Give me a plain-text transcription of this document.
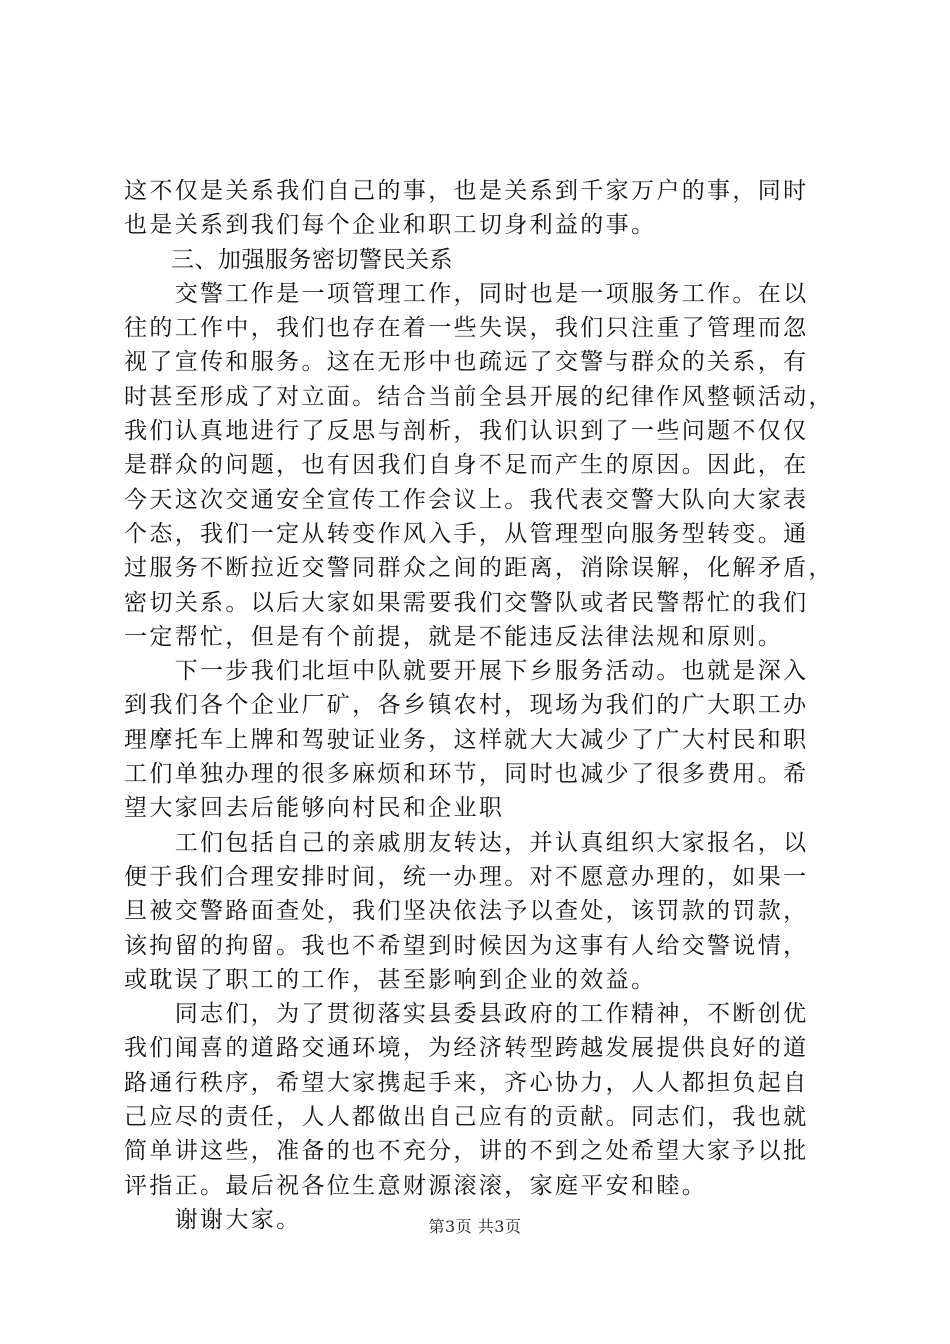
这不仅是关系我们自己的事，也是关系到千家万户的事，同时
也是关系到我们每个企业和职工切身利益的事。
　　三、加强服务密切警民关系
　　交警工作是一项管理工作，同时也是一项服务工作。在以
往的工作中，我们也存在着一些失误，我们只注重了管理而忽
视了宣传和服务。这在无形中也疏远了交警与群众的关系，有
时甚至形成了对立面。结合当前全县开展的纪律作风整顿活动，
我们认真地进行了反思与剖析，我们认识到了一些问题不仅仅
是群众的问题，也有因我们自身不足而产生的原因。因此，在
今天这次交通安全宣传工作会议上。我代表交警大队向大家表
个态，我们一定从转变作风入手，从管理型向服务型转变。通
过服务不断拉近交警同群众之间的距离，消除误解，化解矛盾，
密切关系。以后大家如果需要我们交警队或者民警帮忙的我们
一定帮忙，但是有个前提，就是不能违反法律法规和原则。
　　下一步我们北垣中队就要开展下乡服务活动。也就是深入
到我们各个企业厂矿，各乡镇农村，现场为我们的广大职工办
理摩托车上牌和驾驶证业务，这样就大大减少了广大村民和职
工们单独办理的很多麻烦和环节，同时也减少了很多费用。希
望大家回去后能够向村民和企业职
　　工们包括自己的亲戚朋友转达，并认真组织大家报名，以
便于我们合理安排时间，统一办理。对不愿意办理的，如果一
旦被交警路面查处，我们坚决依法予以查处，该罚款的罚款，
该拘留的拘留。我也不希望到时候因为这事有人给交警说情，
或耽误了职工的工作，甚至影响到企业的效益。
　　同志们，为了贯彻落实县委县政府的工作精神，不断创优
我们闻喜的道路交通环境，为经济转型跨越发展提供良好的道
路通行秩序，希望大家携起手来，齐心协力，人人都担负起自
己应尽的责任，人人都做出自己应有的贡献。同志们，我也就
简单讲这些，准备的也不充分，讲的不到之处希望大家予以批
评指正。最后祝各位生意财源滚滚，家庭平安和睦。
　　谢谢大家。	第3页 共3页
